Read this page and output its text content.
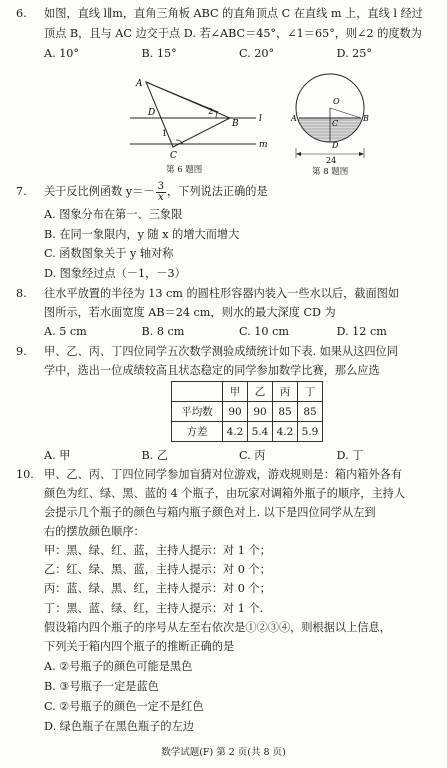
6. 如图，直线 l∥m，直角三角板 ABC 的直角顶点 C 在直线 m 上，直线 l 经过
顶点 B，且与 AC 边交于点 D. 若∠ABC＝45°，∠1＝65°，则∠2 的度数为
A. 10°	B. 15°	C. 20°	D. 25°
A
B
C
D
l
m
1
2
第 6 题图
O
A	B
C
D
24
第 8 题图
7. 关于反比例函数 $y=- \frac{3}{x}$ ，下列说法正确的是
A. 图象分布在第一、三象限
B. 在同一象限内，y 随 x 的增大而增大
C. 函数图象关于 y 轴对称
D. 图象经过点（－1，－3）
8. 往水平放置的半径为 13 cm 的圆柱形容器内装入一些水以后，截面图如
图所示，若水面宽度 AB＝24 cm，则水的最大深度 CD 为
A. 5 cm	B. 8 cm	C. 10 cm	D. 12 cm
9. 甲、乙、丙、丁四位同学五次数学测验成绩统计如下表. 如果从这四位同
学中，选出一位成绩较高且状态稳定的同学参加数学比赛，那么应选
	甲	乙	丙	丁
平均数	90	90	85	85
方差	4.2	5.4	4.2	5.9
A. 甲	B. 乙	C. 丙	D. 丁
10. 甲、乙、丙、丁四位同学参加盲猜对位游戏，游戏规则是：箱内箱外各有
颜色为红、绿、黑、蓝的 4 个瓶子，由玩家对调箱外瓶子的顺序，主持人
会提示几个瓶子的颜色与箱内瓶子颜色对上. 以下是四位同学从左到
右的摆放颜色顺序：
甲：黑、绿、红、蓝，主持人提示：对 1 个；
乙：红、绿、黑、蓝，主持人提示：对 0 个；
丙：蓝、绿、黑、红，主持人提示：对 0 个；
丁：黑、蓝、绿、红，主持人提示：对 1 个.
假设箱内四个瓶子的序号从左至右依次是①②③④，则根据以上信息，
下列关于箱内四个瓶子的推断正确的是
A. ②号瓶子的颜色可能是黑色
B. ③号瓶子一定是蓝色
C. ②号瓶子的颜色一定不是红色
D. 绿色瓶子在黑色瓶子的左边
数学试题(F) 第 2 页(共 8 页)
